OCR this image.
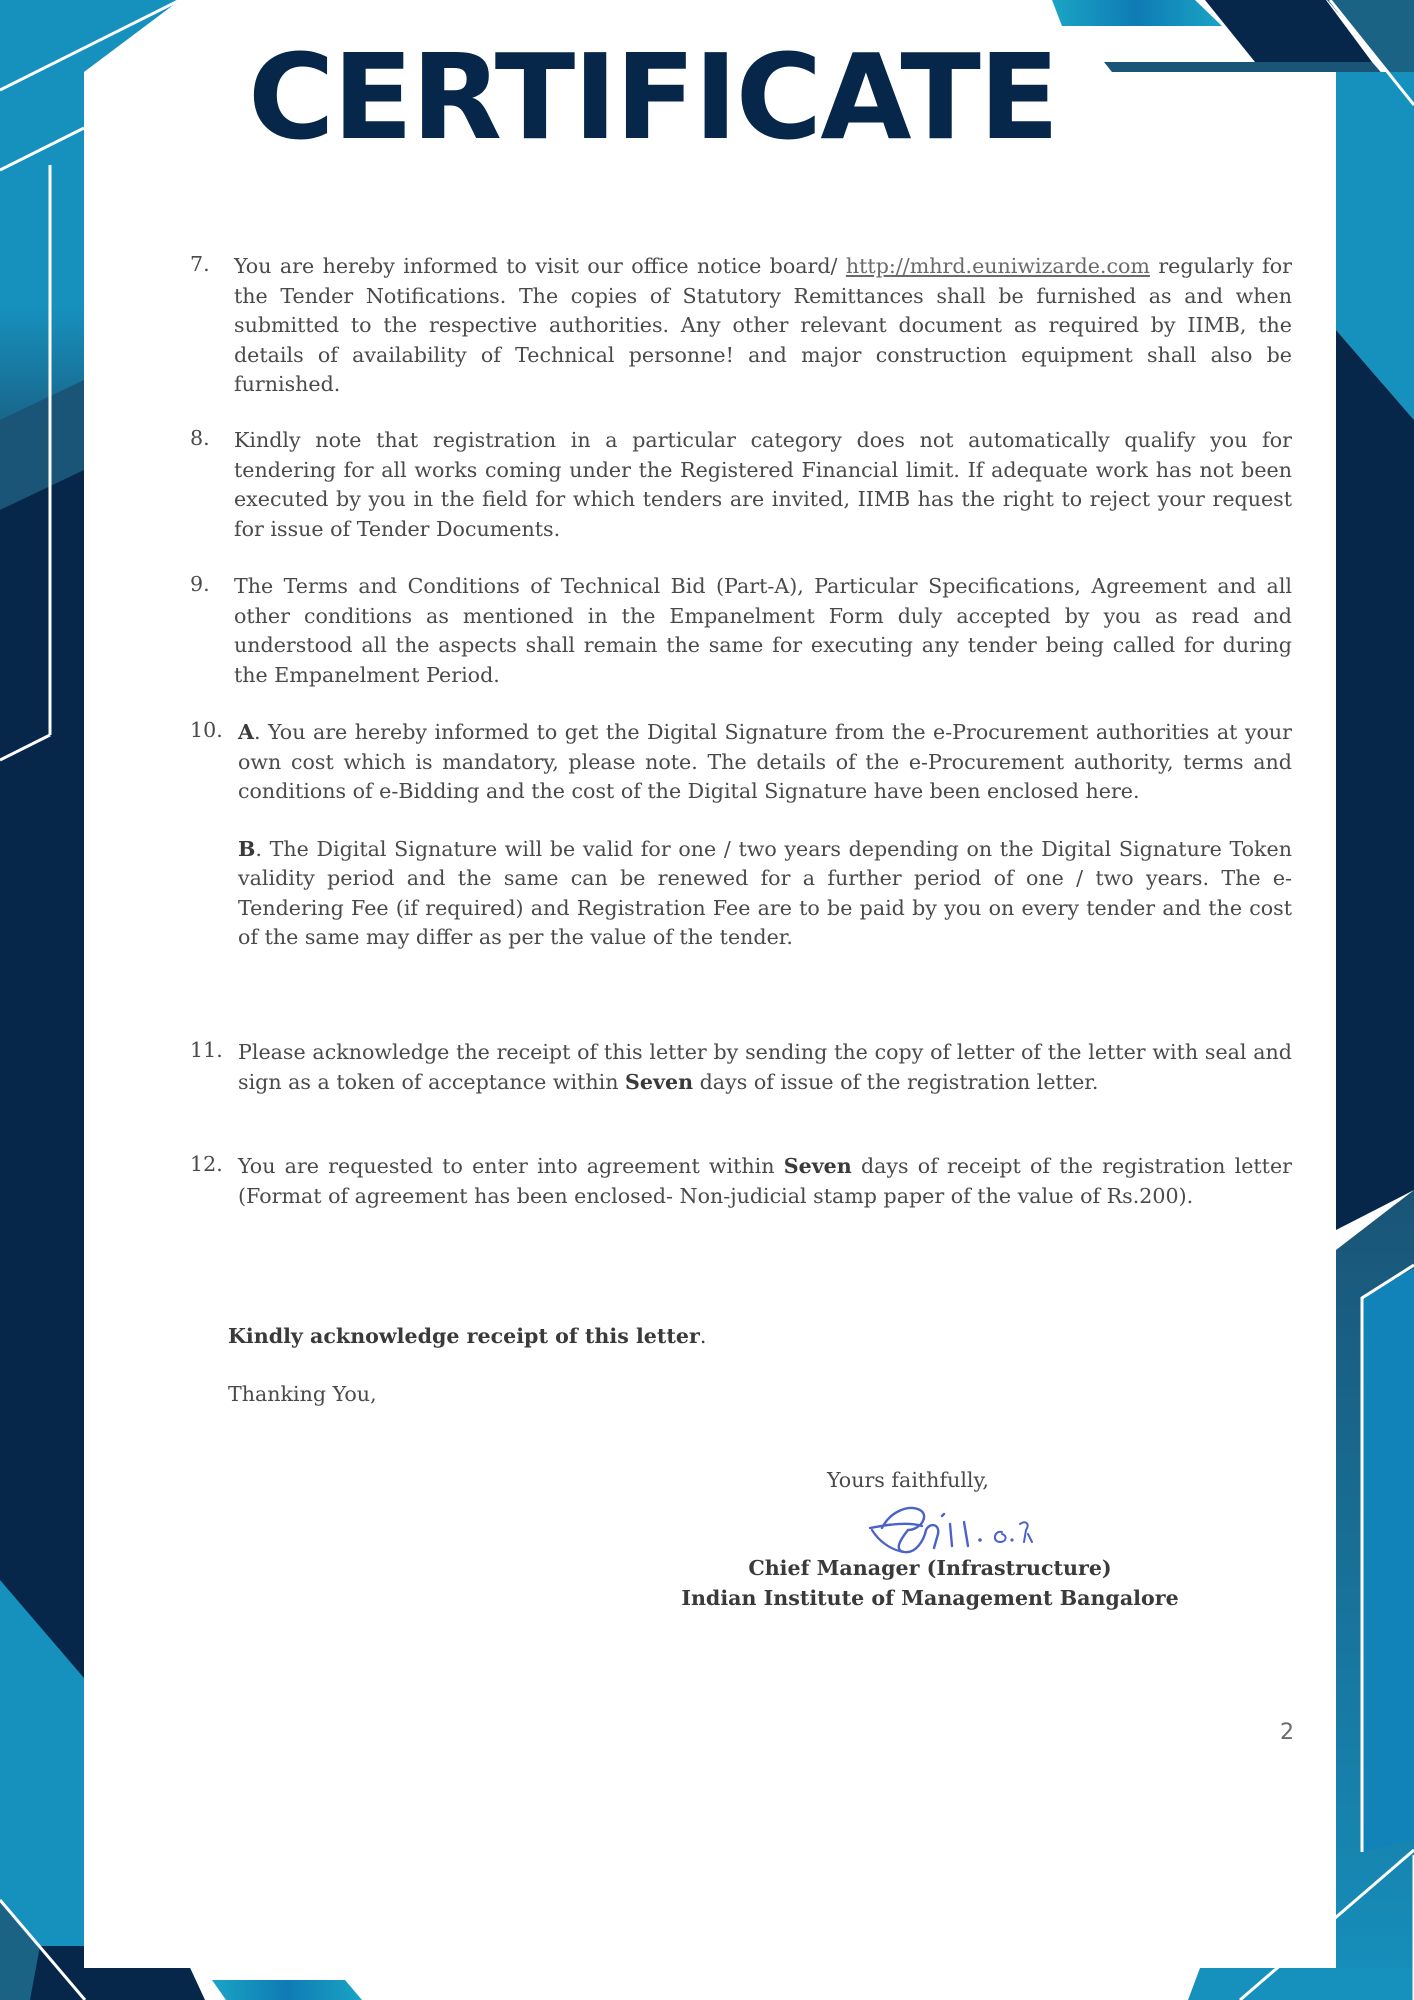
CERTIFICATE
7. You are hereby informed to visit our office notice board/ http://mhrd.euniwizarde.com regularly for the Tender Notifications. The copies of Statutory Remittances shall be furnished as and when submitted to the respective authorities. Any other relevant document as required by IIMB, the details of availability of Technical personne! and major construction equipment shall also be furnished.

8. Kindly note that registration in a particular category does not automatically qualify you for tendering for all works coming under the Registered Financial limit. If adequate work has not been executed by you in the field for which tenders are invited, IIMB has the right to reject your request for issue of Tender Documents.

9. The Terms and Conditions of Technical Bid (Part-A), Particular Specifications, Agreement and all other conditions as mentioned in the Empanelment Form duly accepted by you as read and understood all the aspects shall remain the same for executing any tender being called for during the Empanelment Period.

10. A. You are hereby informed to get the Digital Signature from the e-Procurement authorities at your own cost which is mandatory, please note. The details of the e-Procurement authority, terms and conditions of e-Bidding and the cost of the Digital Signature have been enclosed here.

B. The Digital Signature will be valid for one / two years depending on the Digital Signature Token validity period and the same can be renewed for a further period of one / two years. The e-Tendering Fee (if required) and Registration Fee are to be paid by you on every tender and the cost of the same may differ as per the value of the tender.

11. Please acknowledge the receipt of this letter by sending the copy of letter of the letter with seal and sign as a token of acceptance within Seven days of issue of the registration letter.

12. You are requested to enter into agreement within Seven days of receipt of the registration letter (Format of agreement has been enclosed- Non-judicial stamp paper of the value of Rs.200).

Kindly acknowledge receipt of this letter.
Thanking You,
Yours faithfully,
Chief Manager (Infrastructure)
Indian Institute of Management Bangalore
2
